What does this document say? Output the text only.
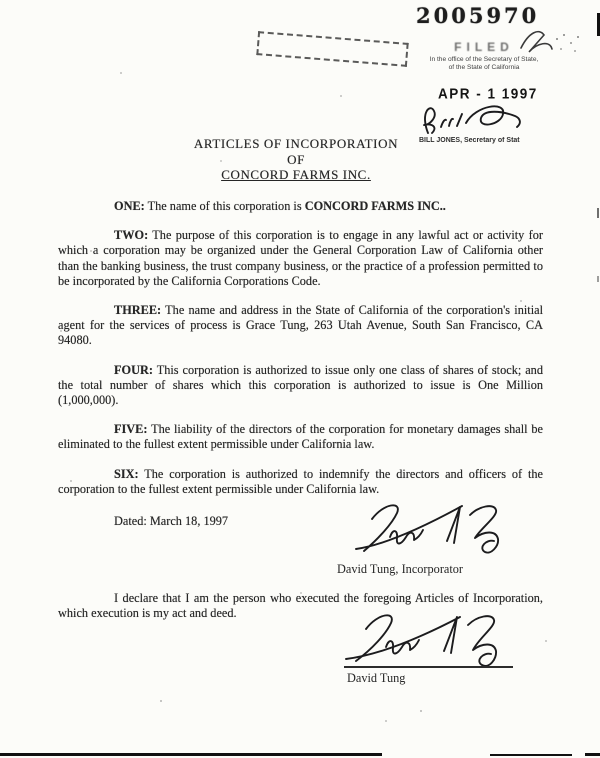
2005970
FILED
In the office of the Secretary of State,
of the State of California
APR - 1 1997
BILL JONES, Secretary of Stat
ARTICLES OF INCORPORATION
OF
CONCORD FARMS INC.

ONE: The name of this corporation is CONCORD FARMS INC..

TWO: The purpose of this corporation is to engage in any lawful act or activity for which a corporation may be organized under the General Corporation Law of California other than the banking business, the trust company business, or the practice of a profession permitted to be incorporated by the California Corporations Code.

THREE: The name and address in the State of California of the corporation's initial agent for the services of process is Grace Tung, 263 Utah Avenue, South San Francisco, CA 94080.

FOUR: This corporation is authorized to issue only one class of shares of stock; and the total number of shares which this corporation is authorized to issue is One Million (1,000,000).

FIVE: The liability of the directors of the corporation for monetary damages shall be eliminated to the fullest extent permissible under California law.

SIX: The corporation is authorized to indemnify the directors and officers of the corporation to the fullest extent permissible under California law.

Dated: March 18, 1997

David Tung, Incorporator

I declare that I am the person who executed the foregoing Articles of Incorporation, which execution is my act and deed.

David Tung
